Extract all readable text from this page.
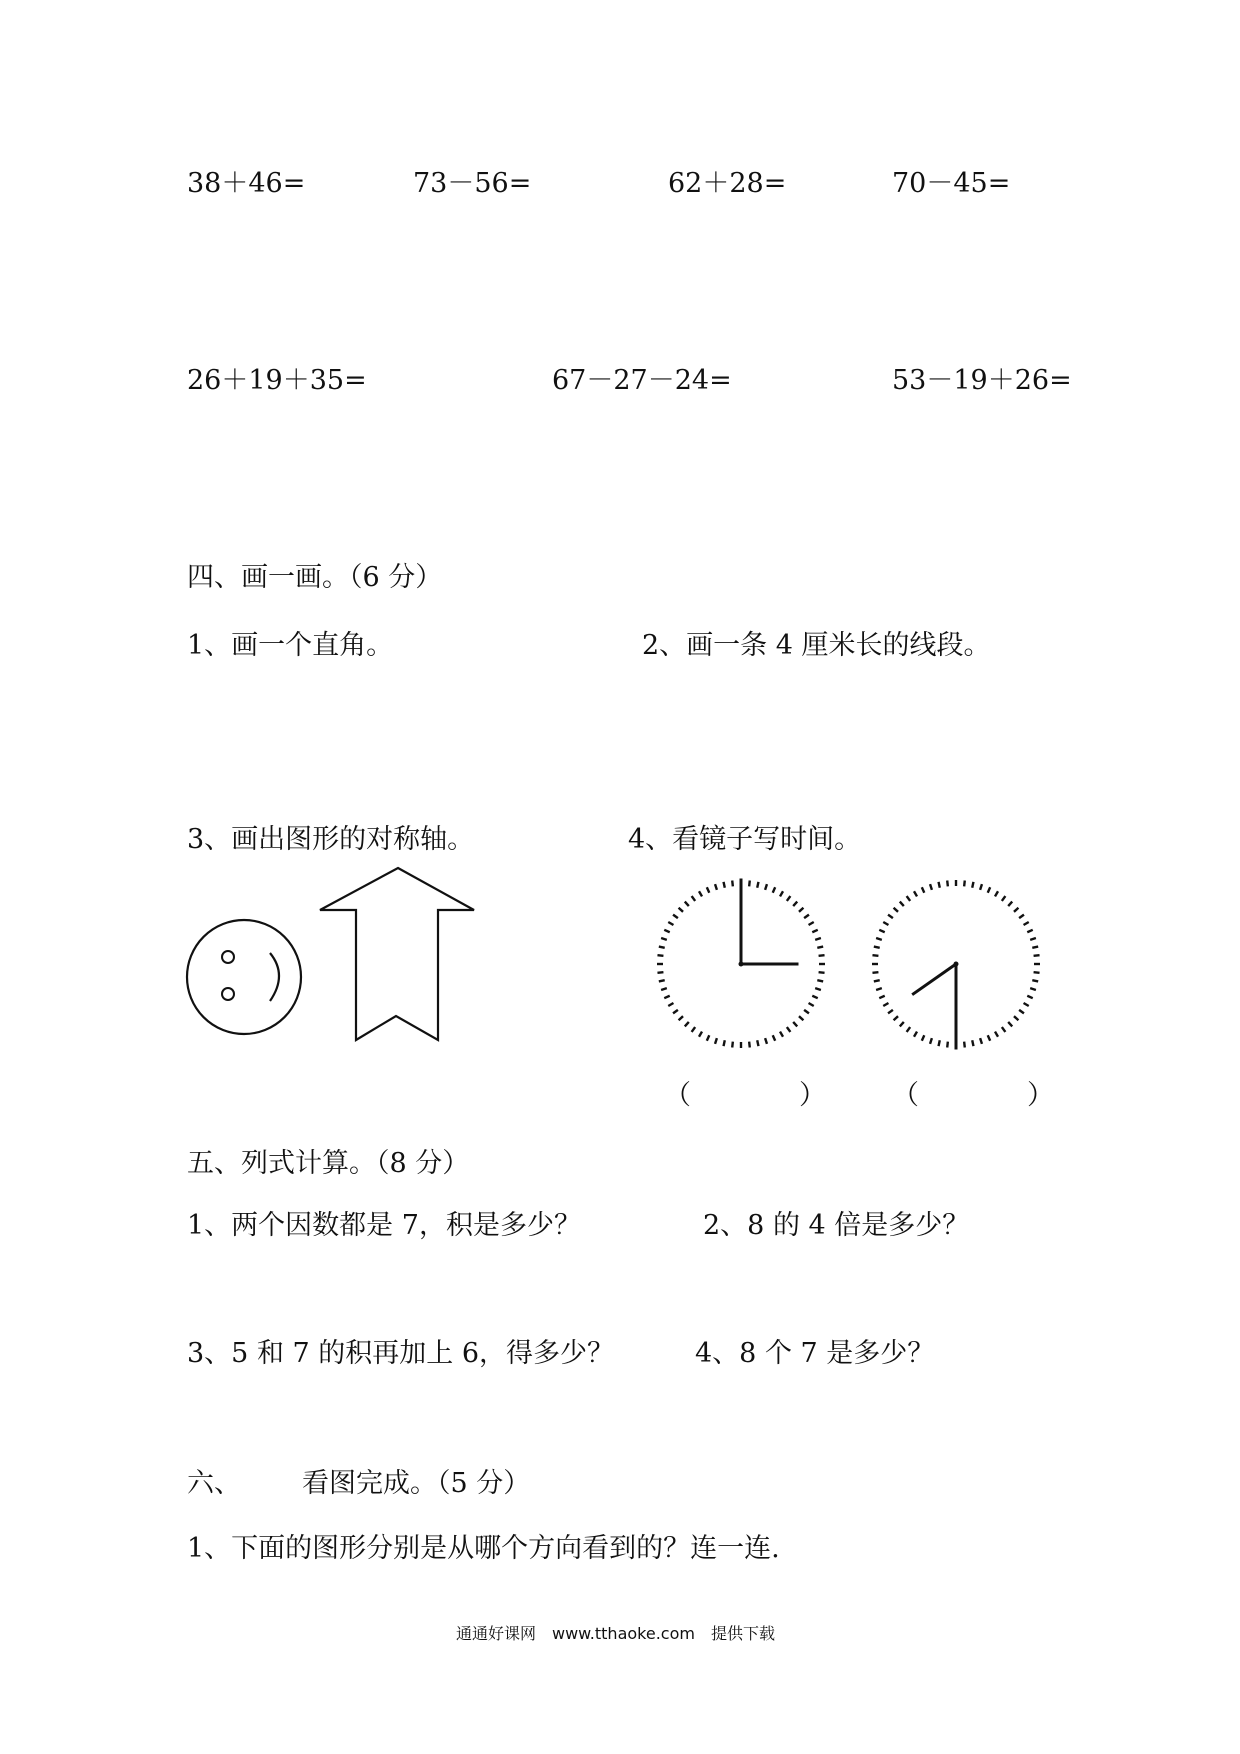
38＋46=	73－56=	62＋28=	70－45=
26＋19＋35=	67－27－24=	53－19＋26=
四、画一画。（6 分）
1、画一个直角。	2、画一条 4 厘米长的线段。
3、画出图形的对称轴。	4、看镜子写时间。
（　　　　） （　　　　）
五、列式计算。（8 分）
1、两个因数都是 7，积是多少？	2、8 的 4 倍是多少？
3、5 和 7 的积再加上 6，得多少？	4、8 个 7 是多少？
六、 看图完成。（5 分）
1、下面的图形分别是从哪个方向看到的？连一连.
通通好课网　www.tthaoke.com　提供下载
